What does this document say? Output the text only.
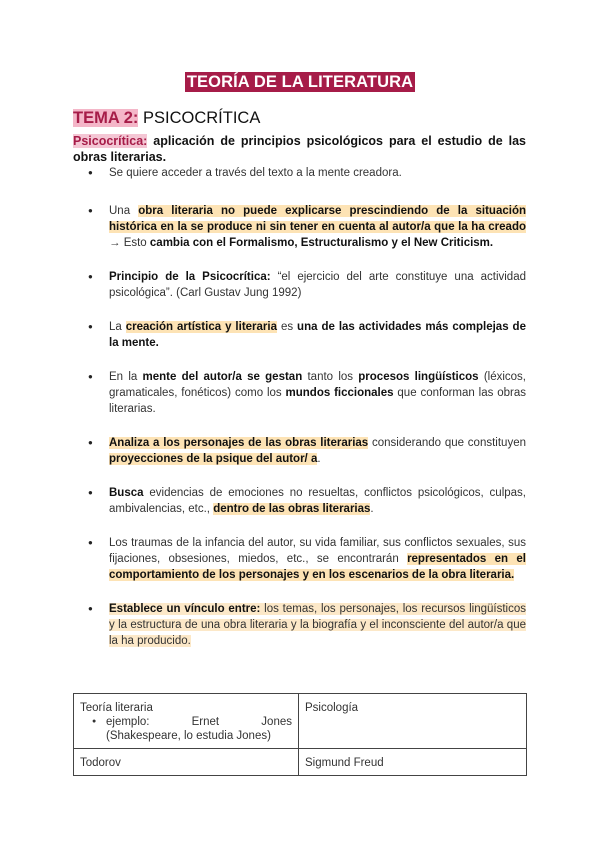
TEORÍA DE LA LITERATURA
TEMA 2: PSICOCRÍTICA
Psicocrítica: aplicación de principios psicológicos para el estudio de las obras literarias.
● Se quiere acceder a través del texto a la mente creadora.
● Una obra literaria no puede explicarse prescindiendo de la situación histórica en la se produce ni sin tener en cuenta al autor/a que la ha creado → Esto cambia con el Formalismo, Estructuralismo y el New Criticism.
● Principio de la Psicocrítica: “el ejercicio del arte constituye una actividad psicológica”. (Carl Gustav Jung 1992)
● La creación artística y literaria es una de las actividades más complejas de la mente.
● En la mente del autor/a se gestan tanto los procesos lingüísticos (léxicos, gramaticales, fonéticos) como los mundos ficcionales que conforman las obras literarias.
● Analiza a los personajes de las obras literarias considerando que constituyen proyecciones de la psique del autor/ a.
● Busca evidencias de emociones no resueltas, conflictos psicológicos, culpas, ambivalencias, etc., dentro de las obras literarias.
● Los traumas de la infancia del autor, su vida familiar, sus conflictos sexuales, sus fijaciones, obsesiones, miedos, etc., se encontrarán representados en el comportamiento de los personajes y en los escenarios de la obra literaria.
● Establece un vínculo entre: los temas, los personajes, los recursos lingüísticos y la estructura de una obra literaria y la biografía y el inconsciente del autor/a que la ha producido.
Teoría literaria
● ejemplo: Ernet Jones (Shakespeare, lo estudia Jones)	Psicología

Todorov	Sigmund Freud
